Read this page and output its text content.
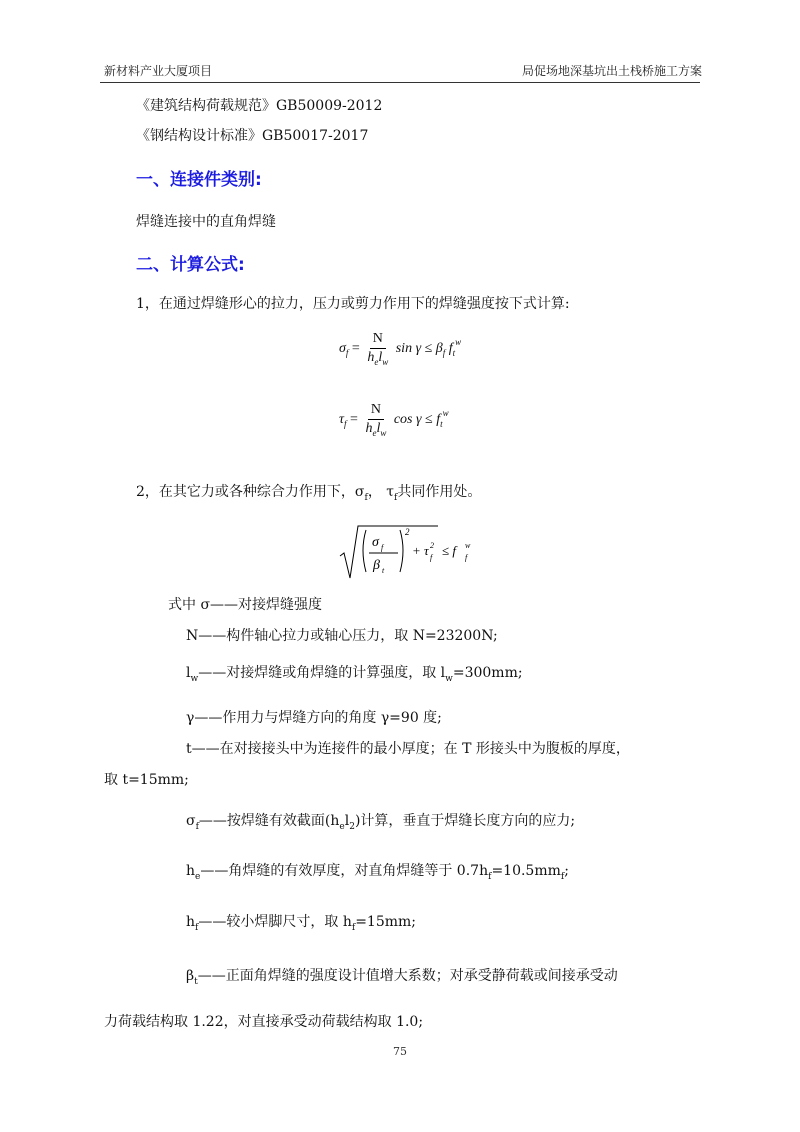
新材料产业大厦项目	局促场地深基坑出土栈桥施工方案
《建筑结构荷载规范》GB50009-2012
《钢结构设计标准》GB50017-2017
一、连接件类别:
焊缝连接中的直角焊缝
二、计算公式:
1，在通过焊缝形心的拉力，压力或剪力作用下的焊缝强度按下式计算:
$\sigma_f = \frac{N}{h_el_w}$ $\sin \gamma \le \beta_f$ $f_t^w$
$\tau_f = \frac{N}{h_el_w}$ $\cos \gamma \le f_t^w$
2，在其它力或各种综合力作用下，$\sigma_f$， $\tau_f$共同作用处。
σ f
β t
2
+ τ f
2 ≤ f f
w
式中 σ——对接焊缝强度
N——构件轴心拉力或轴心压力，取 N=23200N;
$l_w——$对接焊缝或角焊缝的计算强度，取 $l_w=300mm$;
γ——作用力与焊缝方向的角度 γ=90 度;
t——在对接接头中为连接件的最小厚度；在 T 形接头中为腹板的厚度，
取 t=15mm;
$\sigma_f——$按焊缝有效截面$(h_el_2)$计算，垂直于焊缝长度方向的应力;
$h_e——$角焊缝的有效厚度，对直角焊缝等于 $0.7h_f=10.5mm_f$;
$h_f——$较小焊脚尺寸，取 $h_f=15mm$;
$\beta_t——$正面角焊缝的强度设计值增大系数；对承受静荷载或间接承受动
力荷载结构取 1.22，对直接承受动荷载结构取 1.0;
75
